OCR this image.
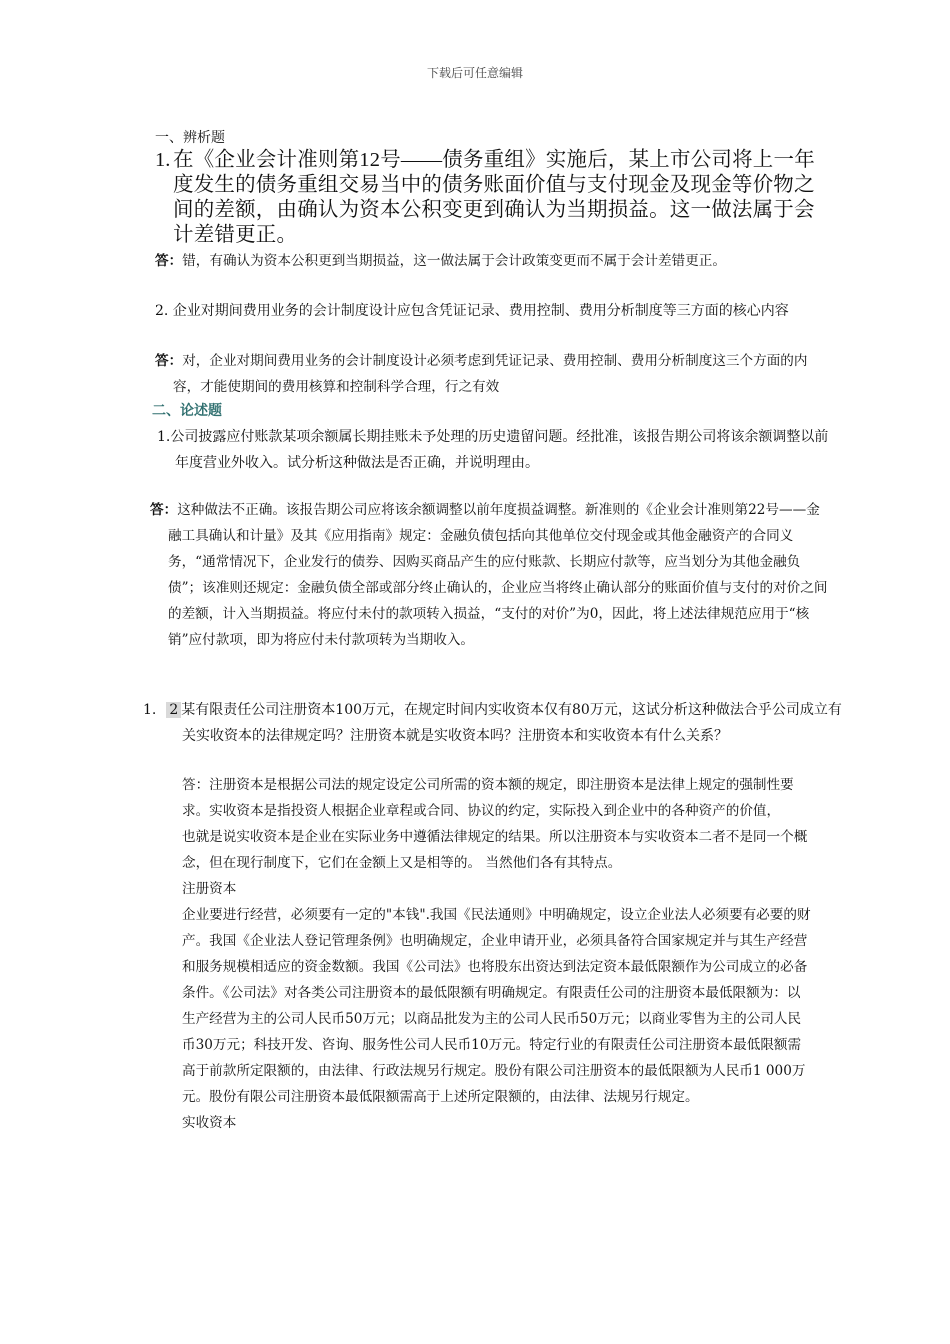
下载后可任意编辑
一、辨析题
1. 在《企业会计准则第12号——债务重组》实施后，某上市公司将上一年度发生的债务重组交易当中的债务账面价值与支付现金及现金等价物之间的差额，由确认为资本公积变更到确认为当期损益。这一做法属于会计差错更正。
答：错，有确认为资本公积更到当期损益，这一做法属于会计政策变更而不属于会计差错更正。
2. 企业对期间费用业务的会计制度设计应包含凭证记录、费用控制、费用分析制度等三方面的核心内容
答：对，企业对期间费用业务的会计制度设计必须考虑到凭证记录、费用控制、费用分析制度这三个方面的内容，才能使期间的费用核算和控制科学合理，行之有效
二、论述题
1.公司披露应付账款某项余额属长期挂账未予处理的历史遗留问题。经批准，该报告期公司将该余额调整以前年度营业外收入。试分析这种做法是否正确，并说明理由。
答：这种做法不正确。该报告期公司应将该余额调整以前年度损益调整。新准则的《企业会计准则第22号——金融工具确认和计量》及其《应用指南》规定：金融负债包括向其他单位交付现金或其他金融资产的合同义务，“通常情况下，企业发行的债券、因购买商品产生的应付账款、长期应付款等，应当划分为其他金融负债”；该准则还规定：金融负债全部或部分终止确认的，企业应当将终止确认部分的账面价值与支付的对价之间的差额，计入当期损益。将应付未付的款项转入损益，“支付的对价”为0，因此，将上述法律规范应用于“核销”应付款项，即为将应付未付款项转为当期收入。
1. 2 某有限责任公司注册资本100万元，在规定时间内实收资本仅有80万元，这试分析这种做法合乎公司成立有关实收资本的法律规定吗？注册资本就是实收资本吗？注册资本和实收资本有什么关系？

答：注册资本是根据公司法的规定设定公司所需的资本额的规定，即注册资本是法律上规定的强制性要求。实收资本是指投资人根据企业章程或合同、协议的约定，实际投入到企业中的各种资产的价值，

也就是说实收资本是企业在实际业务中遵循法律规定的结果。所以注册资本与实收资本二者不是同一个概念，但在现行制度下，它们在金额上又是相等的。 当然他们各有其特点。

注册资本

企业要进行经营，必须要有一定的"本钱".我国《民法通则》中明确规定，设立企业法人必须要有必要的财产。我国《企业法人登记管理条例》也明确规定，企业申请开业，必须具备符合国家规定并与其生产经营和服务规模相适应的资金数额。我国《公司法》也将股东出资达到法定资本最低限额作为公司成立的必备条件。《公司法》对各类公司注册资本的最低限额有明确规定。有限责任公司的注册资本最低限额为：以生产经营为主的公司人民币50万元；以商品批发为主的公司人民币50万元；以商业零售为主的公司人民币30万元；科技开发、咨询、服务性公司人民币10万元。特定行业的有限责任公司注册资本最低限额需高于前款所定限额的，由法律、行政法规另行规定。股份有限公司注册资本的最低限额为人民币1 000万元。股份有限公司注册资本最低限额需高于上述所定限额的，由法律、法规另行规定。

实收资本
